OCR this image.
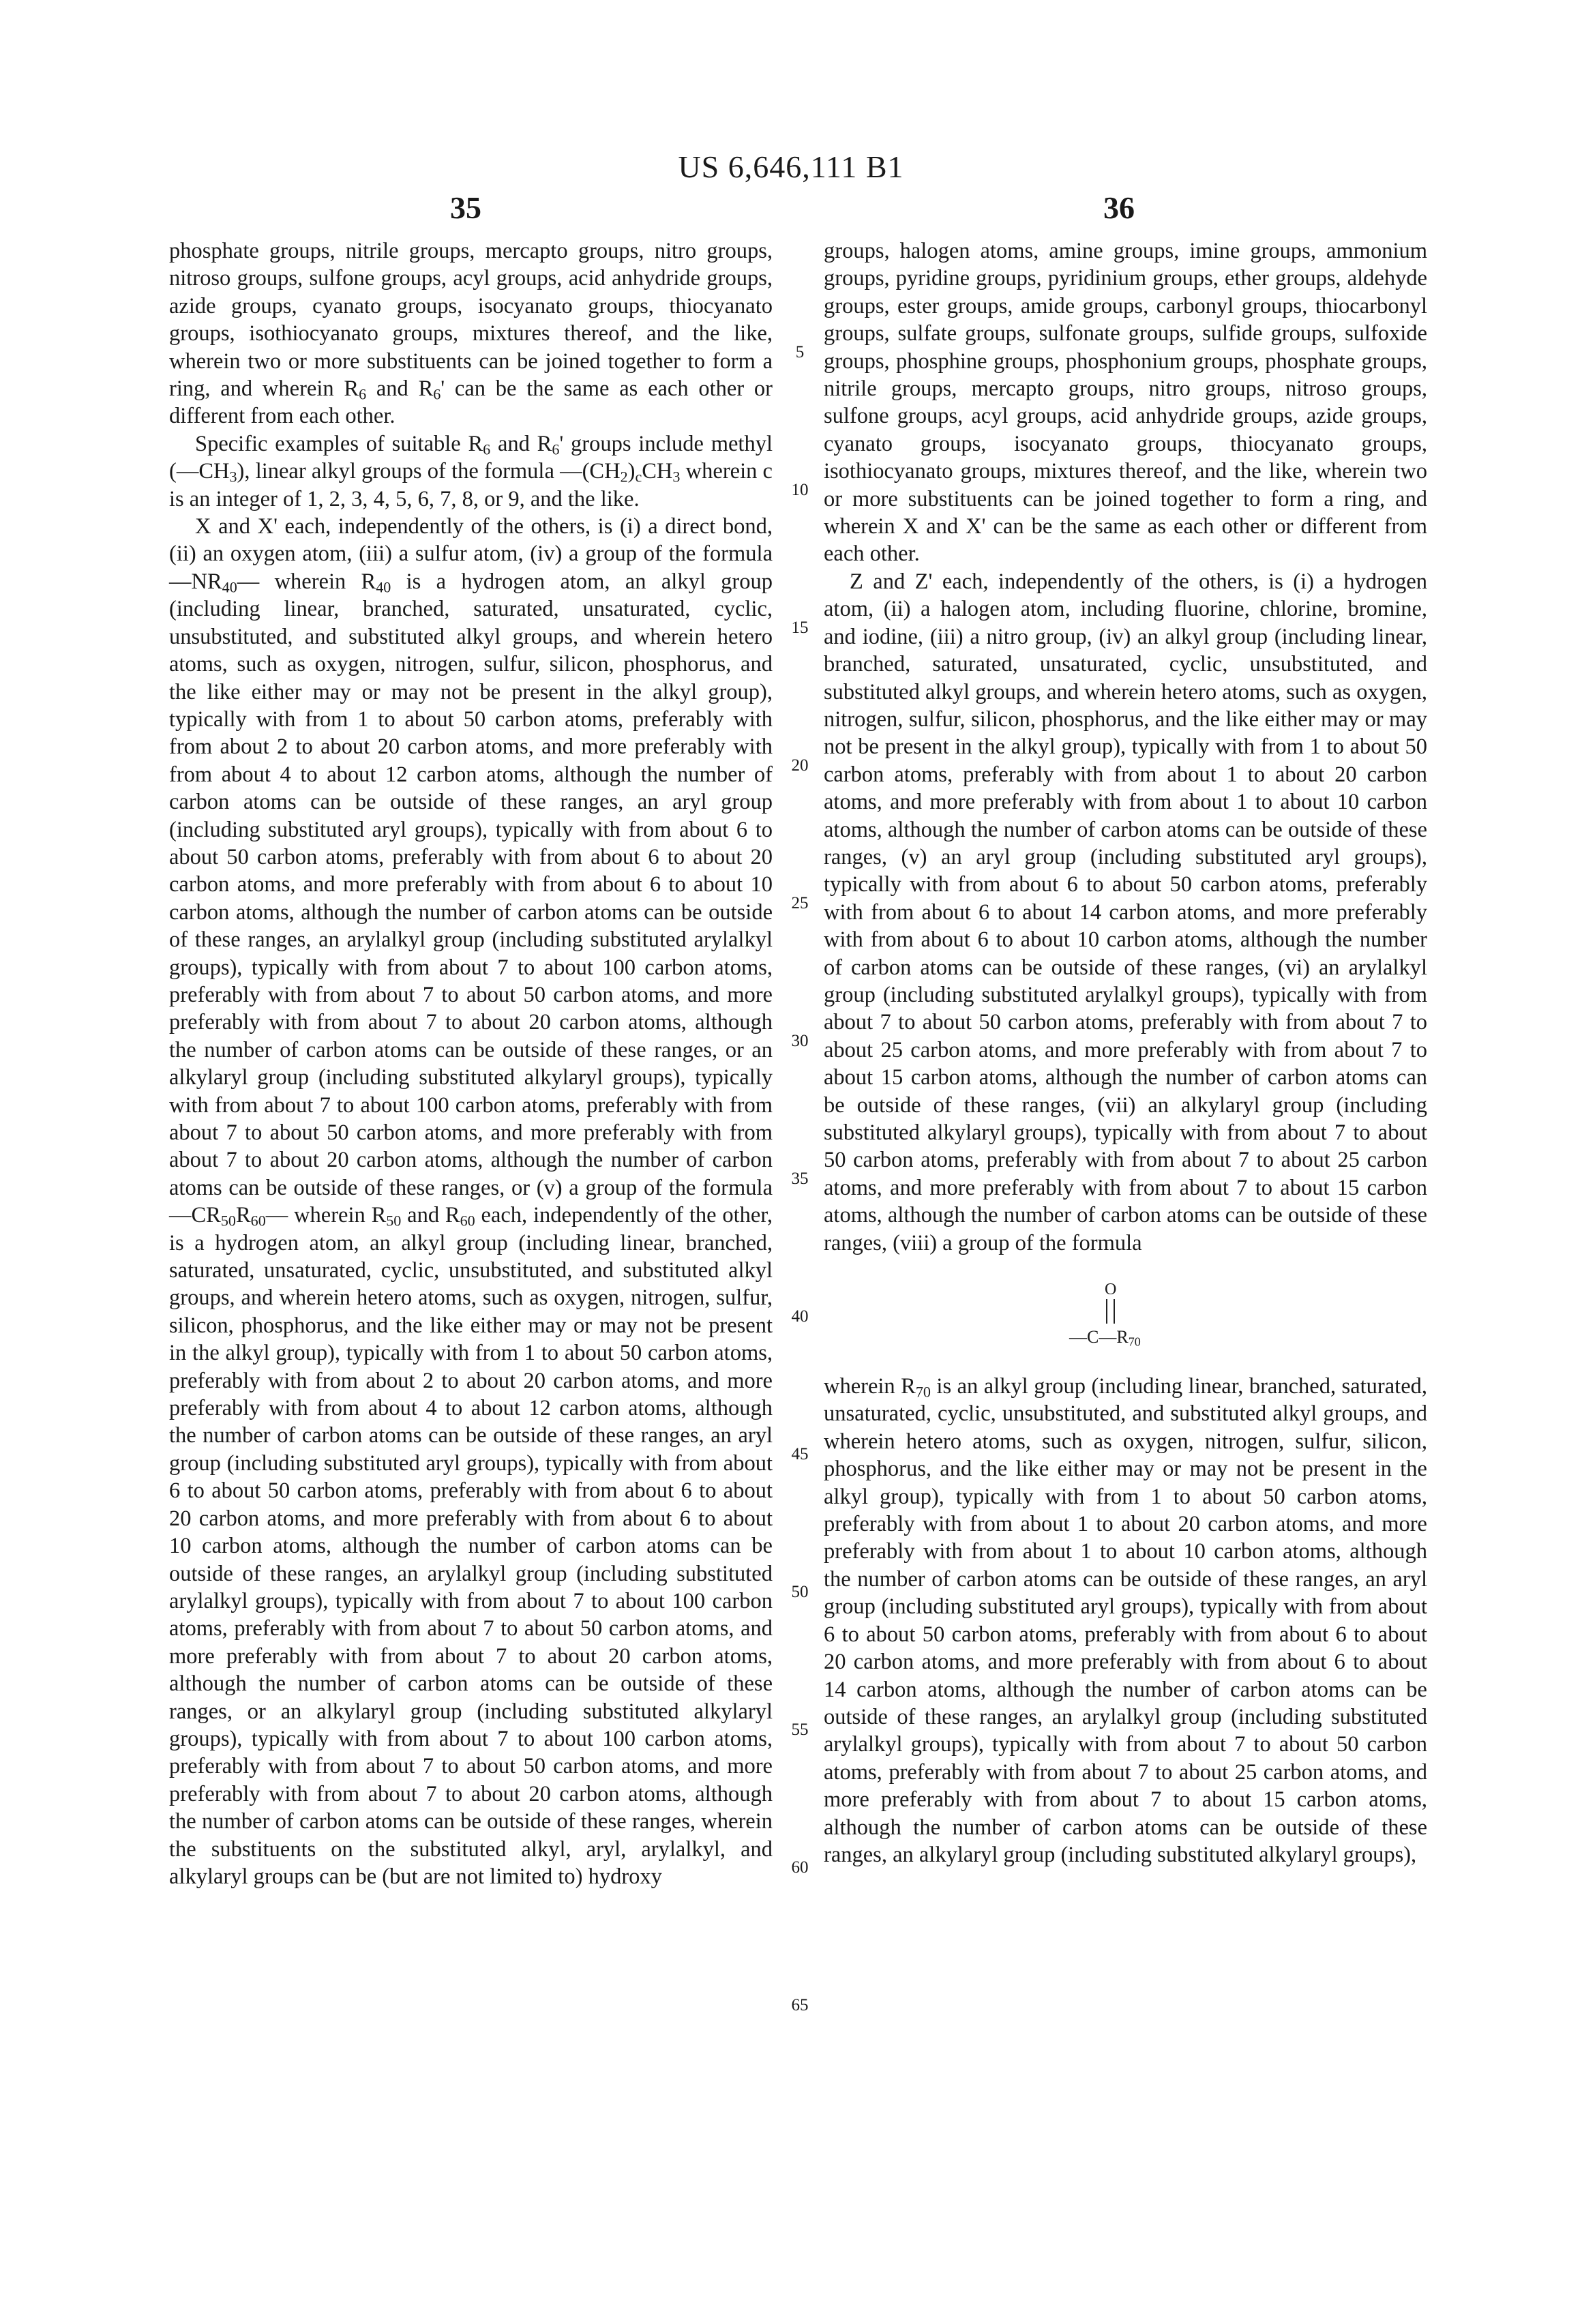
US 6,646,111 B1
35	36

phosphate groups, nitrile groups, mercapto groups, nitro groups, nitroso groups, sulfone groups, acyl groups, acid anhydride groups, azide groups, cyanato groups, isocyanato groups, thiocyanato groups, isothiocyanato groups, mixtures thereof, and the like, wherein two or more substituents can be joined together to form a ring, and wherein R6 and R6' can be the same as each other or different from each other.

Specific examples of suitable R6 and R6' groups include methyl (—CH3), linear alkyl groups of the formula —(CH2)cCH3 wherein c is an integer of 1, 2, 3, 4, 5, 6, 7, 8, or 9, and the like.

X and X' each, independently of the others, is (i) a direct bond, (ii) an oxygen atom, (iii) a sulfur atom, (iv) a group of the formula —NR40— wherein R40 is a hydrogen atom, an alkyl group (including linear, branched, saturated, unsaturated, cyclic, unsubstituted, and substituted alkyl groups, and wherein hetero atoms, such as oxygen, nitrogen, sulfur, silicon, phosphorus, and the like either may or may not be present in the alkyl group), typically with from 1 to about 50 carbon atoms, preferably with from about 2 to about 20 carbon atoms, and more preferably with from about 4 to about 12 carbon atoms, although the number of carbon atoms can be outside of these ranges, an aryl group (including substituted aryl groups), typically with from about 6 to about 50 carbon atoms, preferably with from about 6 to about 20 carbon atoms, and more preferably with from about 6 to about 10 carbon atoms, although the number of carbon atoms can be outside of these ranges, an arylalkyl group (including substituted arylalkyl groups), typically with from about 7 to about 100 carbon atoms, preferably with from about 7 to about 50 carbon atoms, and more preferably with from about 7 to about 20 carbon atoms, although the number of carbon atoms can be outside of these ranges, or an alkylaryl group (including substituted alkylaryl groups), typically with from about 7 to about 100 carbon atoms, preferably with from about 7 to about 50 carbon atoms, and more preferably with from about 7 to about 20 carbon atoms, although the number of carbon atoms can be outside of these ranges, or (v) a group of the formula —CR50R60— wherein R50 and R60 each, independently of the other, is a hydrogen atom, an alkyl group (including linear, branched, saturated, unsaturated, cyclic, unsubstituted, and substituted alkyl groups, and wherein hetero atoms, such as oxygen, nitrogen, sulfur, silicon, phosphorus, and the like either may or may not be present in the alkyl group), typically with from 1 to about 50 carbon atoms, preferably with from about 2 to about 20 carbon atoms, and more preferably with from about 4 to about 12 carbon atoms, although the number of carbon atoms can be outside of these ranges, an aryl group (including substituted aryl groups), typically with from about 6 to about 50 carbon atoms, preferably with from about 6 to about 20 carbon atoms, and more preferably with from about 6 to about 10 carbon atoms, although the number of carbon atoms can be outside of these ranges, an arylalkyl group (including substituted arylalkyl groups), typically with from about 7 to about 100 carbon atoms, preferably with from about 7 to about 50 carbon atoms, and more preferably with from about 7 to about 20 carbon atoms, although the number of carbon atoms can be outside of these ranges, or an alkylaryl group (including substituted alkylaryl groups), typically with from about 7 to about 100 carbon atoms, preferably with from about 7 to about 50 carbon atoms, and more preferably with from about 7 to about 20 carbon atoms, although the number of carbon atoms can be outside of these ranges, wherein the substituents on the substituted alkyl, aryl, arylalkyl, and alkylaryl groups can be (but are not limited to) hydroxy

5
10
15
20
25
30
35
40
45
50
55
60
65

groups, halogen atoms, amine groups, imine groups, ammonium groups, pyridine groups, pyridinium groups, ether groups, aldehyde groups, ester groups, amide groups, carbonyl groups, thiocarbonyl groups, sulfate groups, sulfonate groups, sulfide groups, sulfoxide groups, phosphine groups, phosphonium groups, phosphate groups, nitrile groups, mercapto groups, nitro groups, nitroso groups, sulfone groups, acyl groups, acid anhydride groups, azide groups, cyanato groups, isocyanato groups, thiocyanato groups, isothiocyanato groups, mixtures thereof, and the like, wherein two or more substituents can be joined together to form a ring, and wherein X and X' can be the same as each other or different from each other.

Z and Z' each, independently of the others, is (i) a hydrogen atom, (ii) a halogen atom, including fluorine, chlorine, bromine, and iodine, (iii) a nitro group, (iv) an alkyl group (including linear, branched, saturated, unsaturated, cyclic, unsubstituted, and substituted alkyl groups, and wherein hetero atoms, such as oxygen, nitrogen, sulfur, silicon, phosphorus, and the like either may or may not be present in the alkyl group), typically with from 1 to about 50 carbon atoms, preferably with from about 1 to about 20 carbon atoms, and more preferably with from about 1 to about 10 carbon atoms, although the number of carbon atoms can be outside of these ranges, (v) an aryl group (including substituted aryl groups), typically with from about 6 to about 50 carbon atoms, preferably with from about 6 to about 14 carbon atoms, and more preferably with from about 6 to about 10 carbon atoms, although the number of carbon atoms can be outside of these ranges, (vi) an arylalkyl group (including substituted arylalkyl groups), typically with from about 7 to about 50 carbon atoms, preferably with from about 7 to about 25 carbon atoms, and more preferably with from about 7 to about 15 carbon atoms, although the number of carbon atoms can be outside of these ranges, (vii) an alkylaryl group (including substituted alkylaryl groups), typically with from about 7 to about 50 carbon atoms, preferably with from about 7 to about 25 carbon atoms, and more preferably with from about 7 to about 15 carbon atoms, although the number of carbon atoms can be outside of these ranges, (viii) a group of the formula

O
—C—R70

wherein R70 is an alkyl group (including linear, branched, saturated, unsaturated, cyclic, unsubstituted, and substituted alkyl groups, and wherein hetero atoms, such as oxygen, nitrogen, sulfur, silicon, phosphorus, and the like either may or may not be present in the alkyl group), typically with from 1 to about 50 carbon atoms, preferably with from about 1 to about 20 carbon atoms, and more preferably with from about 1 to about 10 carbon atoms, although the number of carbon atoms can be outside of these ranges, an aryl group (including substituted aryl groups), typically with from about 6 to about 50 carbon atoms, preferably with from about 6 to about 20 carbon atoms, and more preferably with from about 6 to about 14 carbon atoms, although the number of carbon atoms can be outside of these ranges, an arylalkyl group (including substituted arylalkyl groups), typically with from about 7 to about 50 carbon atoms, preferably with from about 7 to about 25 carbon atoms, and more preferably with from about 7 to about 15 carbon atoms, although the number of carbon atoms can be outside of these ranges, an alkylaryl group (including substituted alkylaryl groups),
